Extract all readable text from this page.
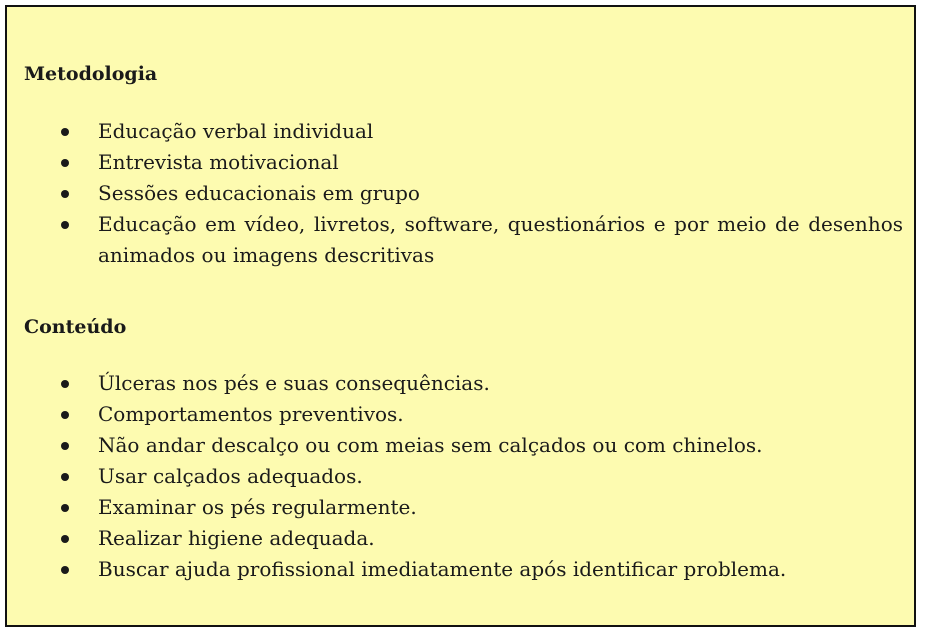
Metodologia
Educação verbal individual
Entrevista motivacional
Sessões educacionais em grupo
Educação em vídeo, livretos, software, questionários e por meio de desenhos animados ou imagens descritivas
Conteúdo
Úlceras nos pés e suas consequências.
Comportamentos preventivos.
Não andar descalço ou com meias sem calçados ou com chinelos.
Usar calçados adequados.
Examinar os pés regularmente.
Realizar higiene adequada.
Buscar ajuda profissional imediatamente após identificar problema.
